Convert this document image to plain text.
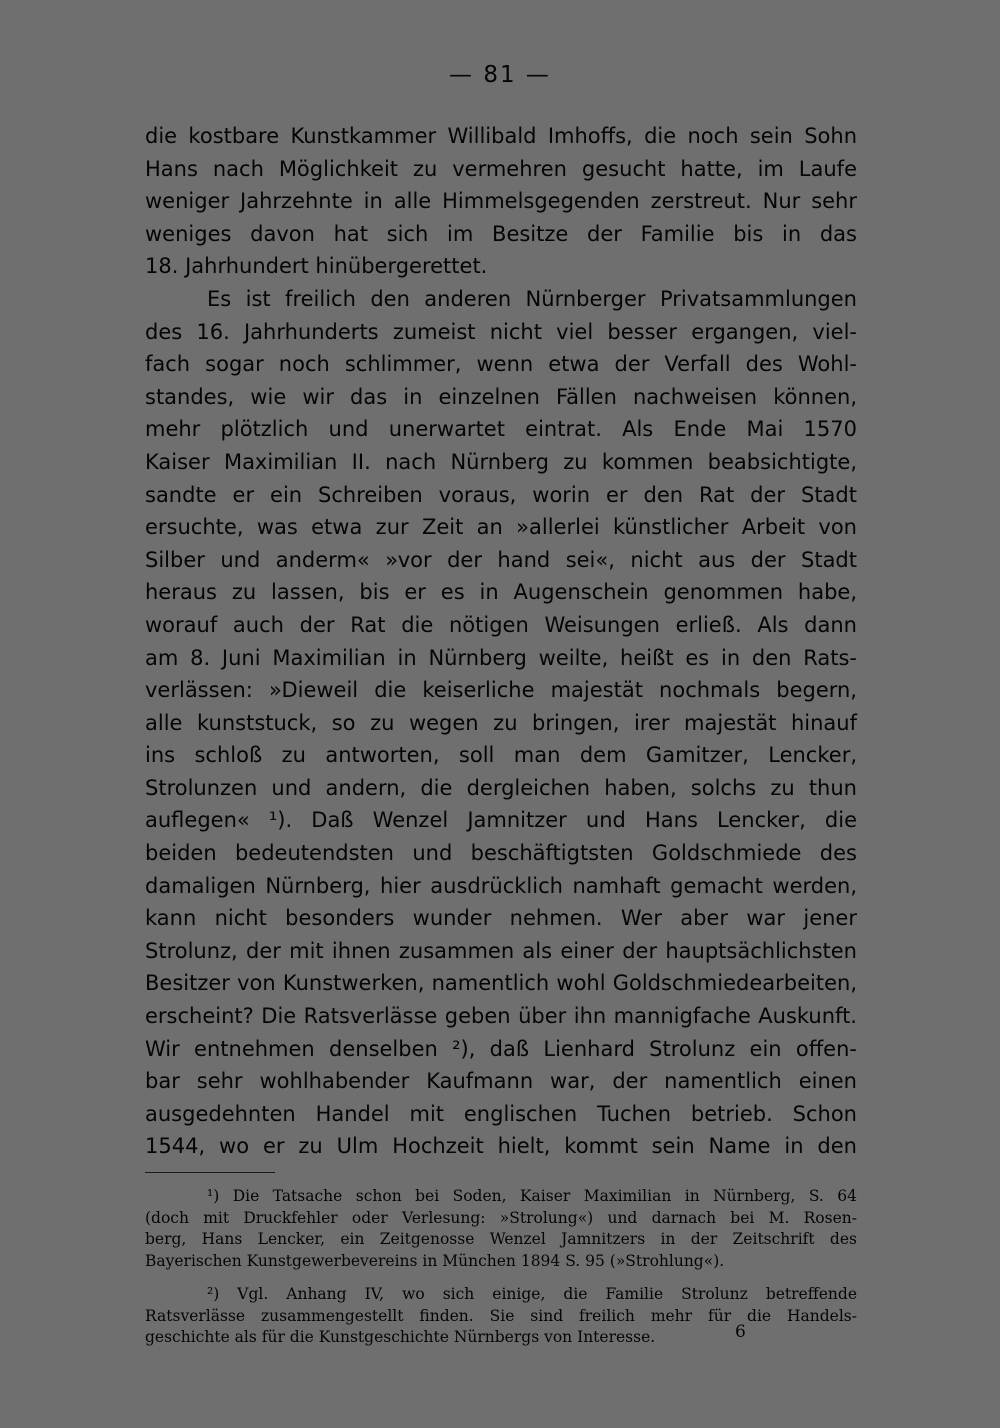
— 81 —
die kostbare Kunstkammer Willibald Imhoffs, die noch sein Sohn
Hans nach Möglichkeit zu vermehren gesucht hatte, im Laufe
weniger Jahrzehnte in alle Himmelsgegenden zerstreut. Nur sehr
weniges davon hat sich im Besitze der Familie bis in das
18. Jahrhundert hinübergerettet.
Es ist freilich den anderen Nürnberger Privatsammlungen
des 16. Jahrhunderts zumeist nicht viel besser ergangen, viel-
fach sogar noch schlimmer, wenn etwa der Verfall des Wohl-
standes, wie wir das in einzelnen Fällen nachweisen können,
mehr plötzlich und unerwartet eintrat. Als Ende Mai 1570
Kaiser Maximilian II. nach Nürnberg zu kommen beabsichtigte,
sandte er ein Schreiben voraus, worin er den Rat der Stadt
ersuchte, was etwa zur Zeit an »allerlei künstlicher Arbeit von
Silber und anderm« »vor der hand sei«, nicht aus der Stadt
heraus zu lassen, bis er es in Augenschein genommen habe,
worauf auch der Rat die nötigen Weisungen erließ. Als dann
am 8. Juni Maximilian in Nürnberg weilte, heißt es in den Rats-
verlässen: »Dieweil die keiserliche majestät nochmals begern,
alle kunststuck, so zu wegen zu bringen, irer majestät hinauf
ins schloß zu antworten, soll man dem Gamitzer, Lencker,
Strolunzen und andern, die dergleichen haben, solchs zu thun
auflegen« ¹). Daß Wenzel Jamnitzer und Hans Lencker, die
beiden bedeutendsten und beschäftigtsten Goldschmiede des
damaligen Nürnberg, hier ausdrücklich namhaft gemacht werden,
kann nicht besonders wunder nehmen. Wer aber war jener
Strolunz, der mit ihnen zusammen als einer der hauptsächlichsten
Besitzer von Kunstwerken, namentlich wohl Goldschmiedearbeiten,
erscheint? Die Ratsverlässe geben über ihn mannigfache Auskunft.
Wir entnehmen denselben ²), daß Lienhard Strolunz ein offen-
bar sehr wohlhabender Kaufmann war, der namentlich einen
ausgedehnten Handel mit englischen Tuchen betrieb. Schon
1544, wo er zu Ulm Hochzeit hielt, kommt sein Name in den
¹) Die Tatsache schon bei Soden, Kaiser Maximilian in Nürnberg, S. 64
(doch mit Druckfehler oder Verlesung: »Strolung«) und darnach bei M. Rosen-
berg, Hans Lencker, ein Zeitgenosse Wenzel Jamnitzers in der Zeitschrift des
Bayerischen Kunstgewerbevereins in München 1894 S. 95 (»Strohlung«).
²) Vgl. Anhang IV, wo sich einige, die Familie Strolunz betreffende
Ratsverlässe zusammengestellt finden. Sie sind freilich mehr für die Handels-
geschichte als für die Kunstgeschichte Nürnbergs von Interesse.	6
